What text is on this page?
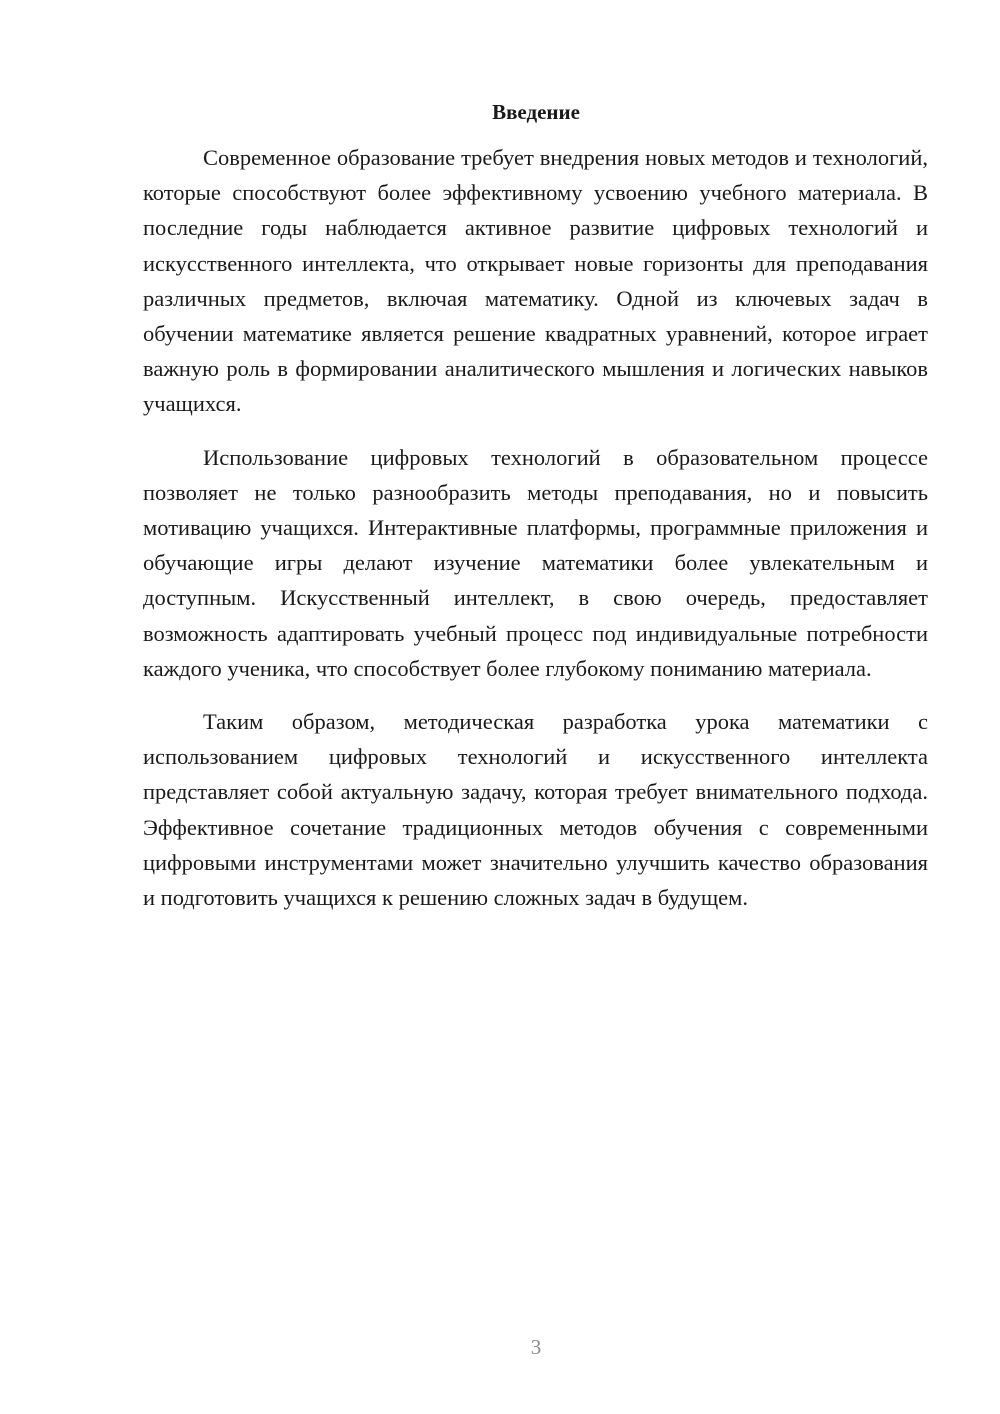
Введение

Современное образование требует внедрения новых методов и технологий, которые способствуют более эффективному усвоению учебного материала. В последние годы наблюдается активное развитие цифровых технологий и искусственного интеллекта, что открывает новые горизонты для преподавания различных предметов, включая математику. Одной из ключевых задач в обучении математике является решение квадратных уравнений, которое играет важную роль в формировании аналитического мышления и логических навыков учащихся.

Использование цифровых технологий в образовательном процессе позволяет не только разнообразить методы преподавания, но и повысить мотивацию учащихся. Интерактивные платформы, программные приложения и обучающие игры делают изучение математики более увлекательным и доступным. Искусственный интеллект, в свою очередь, предоставляет возможность адаптировать учебный процесс под индивидуальные потребности каждого ученика, что способствует более глубокому пониманию материала.

Таким образом, методическая разработка урока математики с использованием цифровых технологий и искусственного интеллекта представляет собой актуальную задачу, которая требует внимательного подхода. Эффективное сочетание традиционных методов обучения с современными цифровыми инструментами может значительно улучшить качество образования и подготовить учащихся к решению сложных задач в будущем.

3
